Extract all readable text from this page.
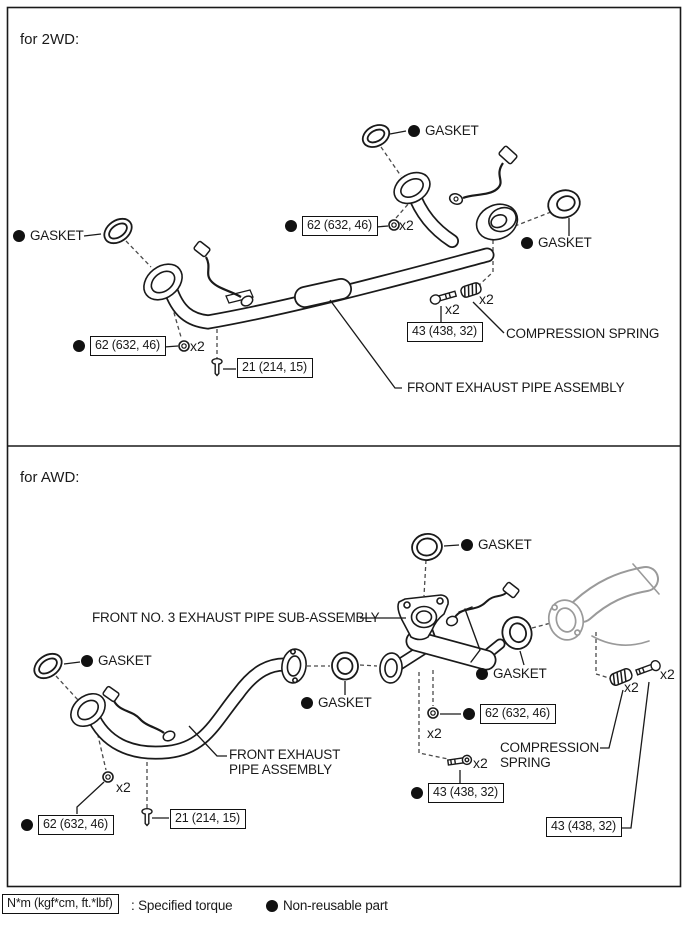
for 2WD:
GASKET
GASKET	GASKET
62 (632, 46)	x2
62 (632, 46)	x2
21 (214, 15)
x2
x2
43 (438, 32)	COMPRESSION SPRING
FRONT EXHAUST PIPE ASSEMBLY
for AWD:
FRONT NO. 3 EXHAUST PIPE SUB-ASSEMBLY
GASKET
GASKET
GASKET
GASKET
FRONT EXHAUST
PIPE ASSEMBLY
x2
62 (632, 46)	21 (214, 15)
x2
62 (632, 46)
COMPRESSION
SPRING
x2
43 (438, 32)
x2
x2
43 (438, 32)
N*m (kgf*cm, ft.*lbf)	: Specified torque	Non-reusable part
